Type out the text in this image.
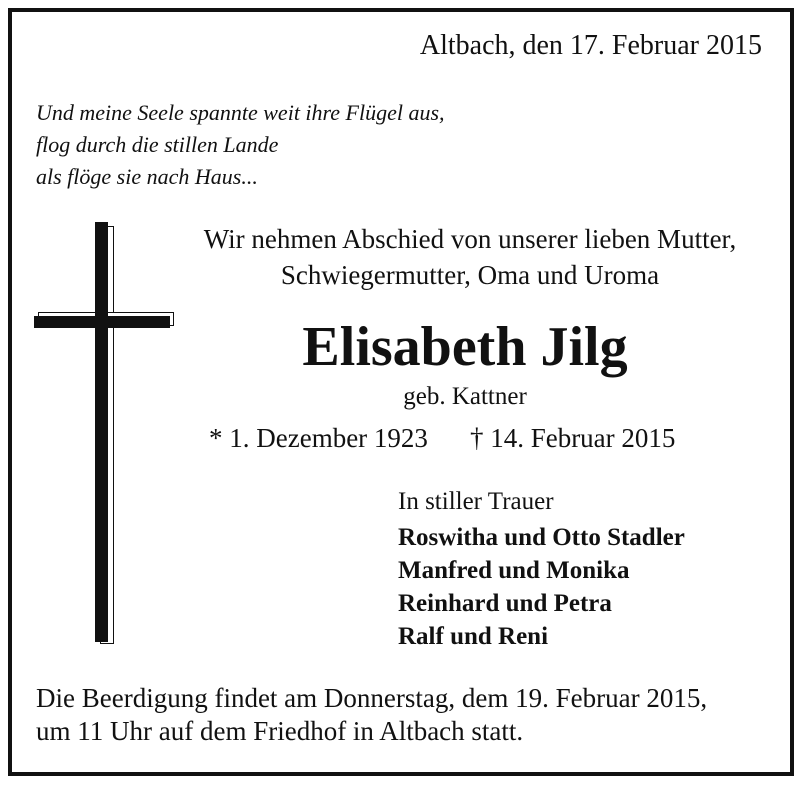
Altbach, den 17. Februar 2015
Und meine Seele spannte weit ihre Flügel aus,
flog durch die stillen Lande
als flöge sie nach Haus...
Wir nehmen Abschied von unserer lieben Mutter,
Schwiegermutter, Oma und Uroma
Elisabeth Jilg
geb. Kattner
* 1. Dezember 1923 † 14. Februar 2015
In stiller Trauer
Roswitha und Otto Stadler
Manfred und Monika
Reinhard und Petra
Ralf und Reni
Die Beerdigung findet am Donnerstag, dem 19. Februar 2015,
um 11 Uhr auf dem Friedhof in Altbach statt.
